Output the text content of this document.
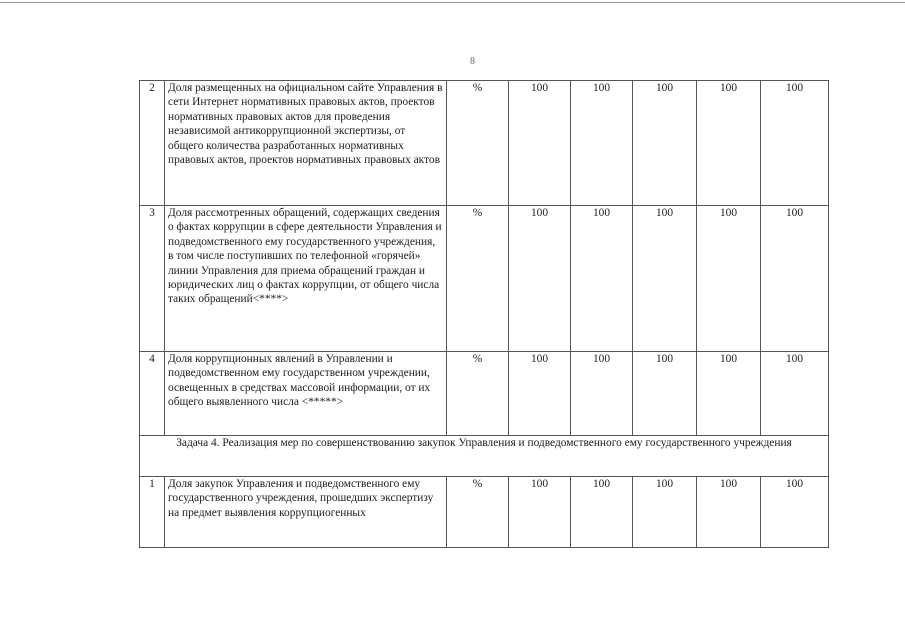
8
2	Доля размещенных на официальном сайте Управления в сети Интернет нормативных правовых актов, проектов нормативных правовых актов для проведения независимой антикоррупционной экспертизы, от общего количества разработанных нормативных правовых актов, проектов нормативных правовых актов	%	100	100	100	100	100
3	Доля рассмотренных обращений, содержащих сведения о фактах коррупции в сфере деятельности Управления и подведомственного ему государственного учреждения, в том числе поступивших по телефонной «горячей» линии Управления для приема обращений граждан и юридических лиц о фактах коррупции, от общего числа таких обращений<****>	%	100	100	100	100	100
4	Доля коррупционных явлений в Управлении и подведомственном ему государственном учреждении, освещенных в средствах массовой информации, от их общего выявленного числа <*****>	%	100	100	100	100	100
Задача 4. Реализация мер по совершенствованию закупок Управления и подведомственного ему государственного учреждения							
1	Доля закупок Управления и подведомственного ему государственного учреждения, прошедших экспертизу на предмет выявления коррупциогенных	%	100	100	100	100	100
